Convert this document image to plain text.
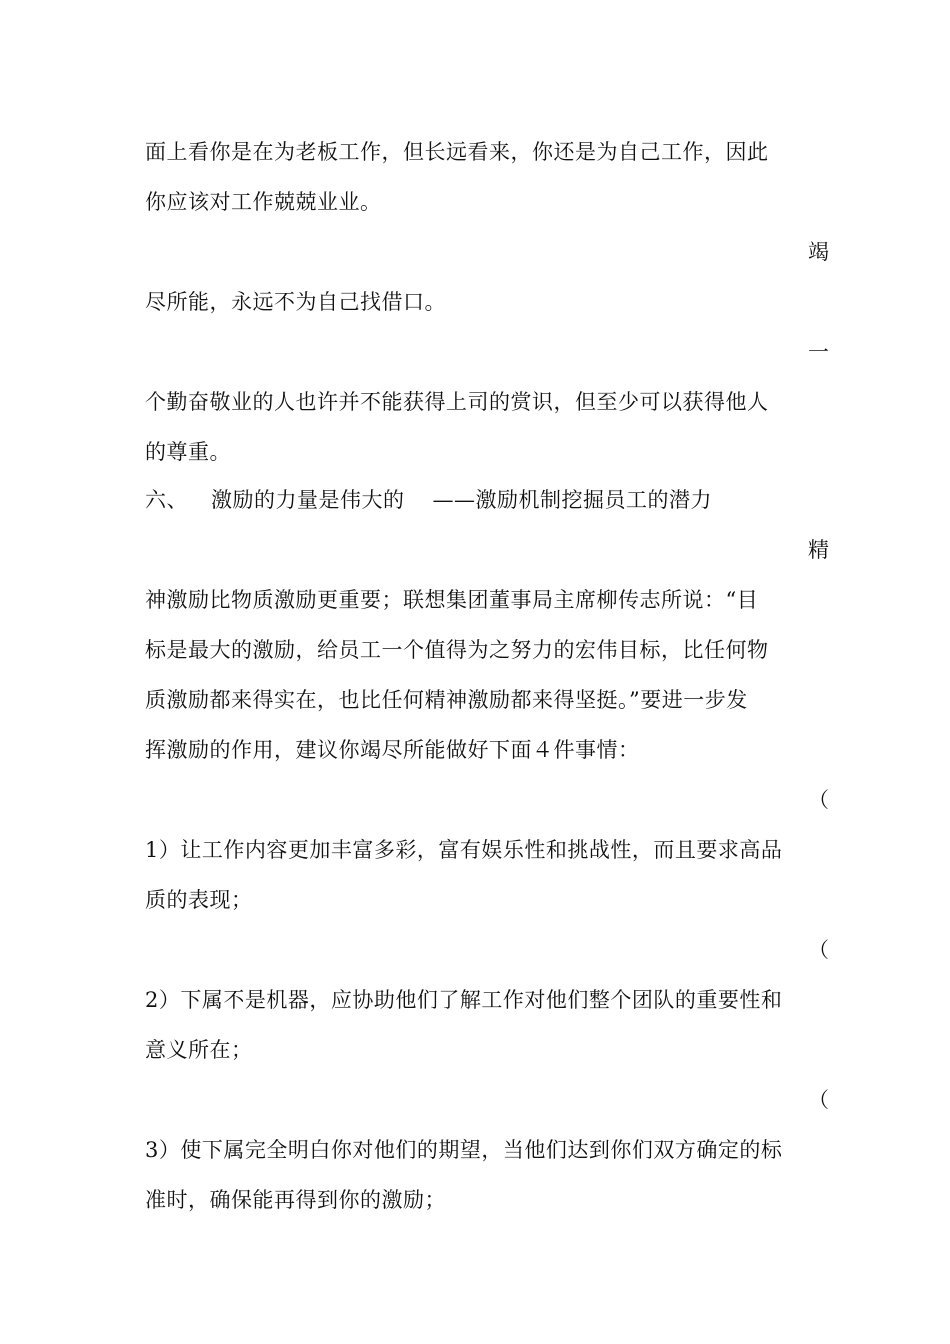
面上看你是在为老板工作，但长远看来，你还是为自己工作，因此
你应该对工作兢兢业业。
竭
尽所能，永远不为自己找借口。
一
个勤奋敬业的人也许并不能获得上司的赏识，但至少可以获得他人
的尊重。
六、 激励的力量是伟大的 ——激励机制挖掘员工的潜力
精
神激励比物质激励更重要；联想集团董事局主席柳传志所说：“目
标是最大的激励，给员工一个值得为之努力的宏伟目标，比任何物
质激励都来得实在，也比任何精神激励都来得坚挺。”要进一步发
挥激励的作用，建议你竭尽所能做好下面４件事情：
（
1）让工作内容更加丰富多彩，富有娱乐性和挑战性，而且要求高品
质的表现；
（
2）下属不是机器，应协助他们了解工作对他们整个团队的重要性和
意义所在；
（
3）使下属完全明白你对他们的期望，当他们达到你们双方确定的标
准时，确保能再得到你的激励；
